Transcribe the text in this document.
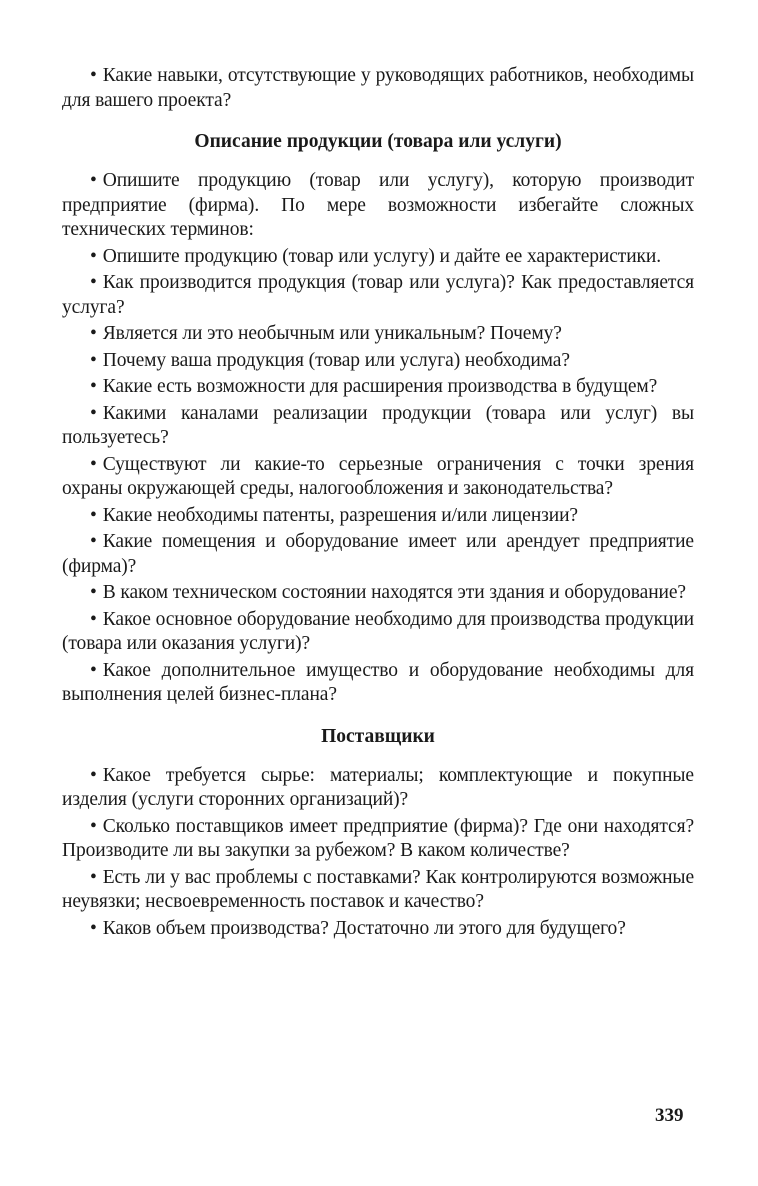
• Какие навыки, отсутствующие у руководящих работников, необходимы для вашего проекта?

Описание продукции (товара или услуги)

• Опишите продукцию (товар или услугу), которую производит предприятие (фирма). По мере возможности избегайте сложных технических терминов:

• Опишите продукцию (товар или услугу) и дайте ее характеристики.

• Как производится продукция (товар или услуга)? Как предоставляется услуга?

• Является ли это необычным или уникальным? Почему?

• Почему ваша продукция (товар или услуга) необходима?

• Какие есть возможности для расширения производства в будущем?

• Какими каналами реализации продукции (товара или услуг) вы пользуетесь?

• Существуют ли какие-то серьезные ограничения с точки зрения охраны окружающей среды, налогообложения и законодательства?

• Какие необходимы патенты, разрешения и/или лицензии?

• Какие помещения и оборудование имеет или арендует предприятие (фирма)?

• В каком техническом состоянии находятся эти здания и оборудование?

• Какое основное оборудование необходимо для производства продукции (товара или оказания услуги)?

• Какое дополнительное имущество и оборудование необходимы для выполнения целей бизнес-плана?

Поставщики

• Какое требуется сырье: материалы; комплектующие и покупные изделия (услуги сторонних организаций)?

• Сколько поставщиков имеет предприятие (фирма)? Где они находятся? Производите ли вы закупки за рубежом? В каком количестве?

• Есть ли у вас проблемы с поставками? Как контролируются возможные неувязки; несвоевременность поставок и качество?

• Каков объем производства? Достаточно ли этого для будущего?

339
